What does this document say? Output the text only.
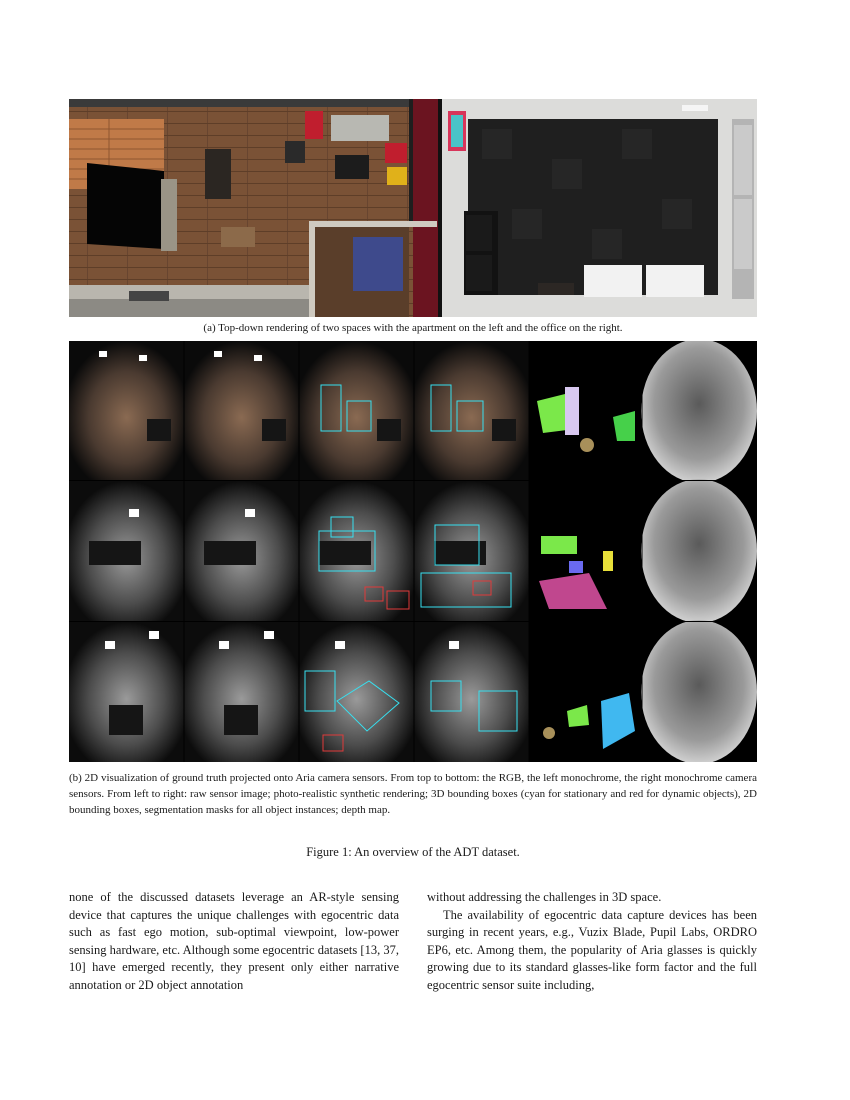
(a) Top-down rendering of two spaces with the apartment on the left and the office on the right.
(b) 2D visualization of ground truth projected onto Aria camera sensors. From top to bottom: the RGB, the left monochrome, the right monochrome camera sensors. From left to right: raw sensor image; photo-realistic synthetic rendering; 3D bounding boxes (cyan for stationary and red for dynamic objects), 2D bounding boxes, segmentation masks for all object instances; depth map.
Figure 1: An overview of the ADT dataset.

none of the discussed datasets leverage an AR-style sensing device that captures the unique challenges with egocentric data such as fast ego motion, sub-optimal viewpoint, low-power sensing hardware, etc. Although some egocentric datasets [13, 37, 10] have emerged recently, they present only either narrative annotation or 2D object annotation

without addressing the challenges in 3D space.

The availability of egocentric data capture devices has been surging in recent years, e.g., Vuzix Blade, Pupil Labs, ORDRO EP6, etc. Among them, the popularity of Aria glasses is quickly growing due to its standard glasses-like form factor and the full egocentric sensor suite including,
